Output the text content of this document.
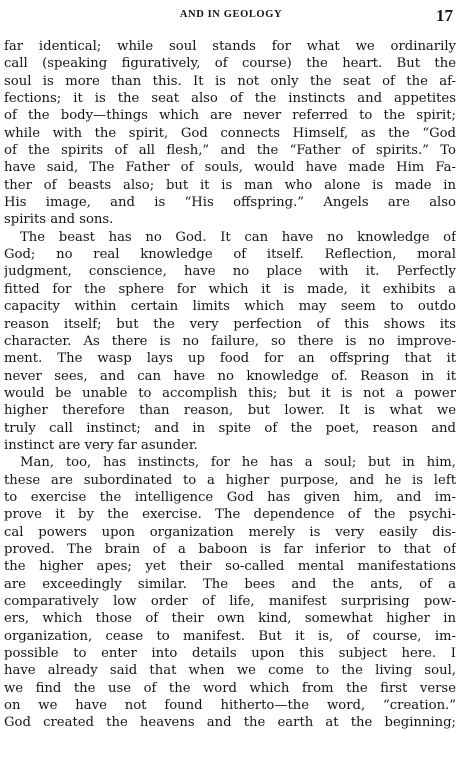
AND IN GEOLOGY	17
far identical; while soul stands for what we ordinarily
call (speaking figuratively, of course) the heart. But the
soul is more than this. It is not only the seat of the af-
fections; it is the seat also of the instincts and appetites
of the body—things which are never referred to the spirit;
while with the spirit, God connects Himself, as the “God
of the spirits of all flesh,” and the “Father of spirits.” To
have said, The Father of souls, would have made Him Fa-
ther of beasts also; but it is man who alone is made in
His image, and is “His offspring.” Angels are also
spirits and sons.
The beast has no God. It can have no knowledge of
God; no real knowledge of itself. Reflection, moral
judgment, conscience, have no place with it. Perfectly
fitted for the sphere for which it is made, it exhibits a
capacity within certain limits which may seem to outdo
reason itself; but the very perfection of this shows its
character. As there is no failure, so there is no improve-
ment. The wasp lays up food for an offspring that it
never sees, and can have no knowledge of. Reason in it
would be unable to accomplish this; but it is not a power
higher therefore than reason, but lower. It is what we
truly call instinct; and in spite of the poet, reason and
instinct are very far asunder.
Man, too, has instincts, for he has a soul; but in him,
these are subordinated to a higher purpose, and he is left
to exercise the intelligence God has given him, and im-
prove it by the exercise. The dependence of the psychi-
cal powers upon organization merely is very easily dis-
proved. The brain of a baboon is far inferior to that of
the higher apes; yet their so-called mental manifestations
are exceedingly similar. The bees and the ants, of a
comparatively low order of life, manifest surprising pow-
ers, which those of their own kind, somewhat higher in
organization, cease to manifest. But it is, of course, im-
possible to enter into details upon this subject here. I
have already said that when we come to the living soul,
we find the use of the word which from the first verse
on we have not found hitherto—the word, “creation.”
God created the heavens and the earth at the beginning;
